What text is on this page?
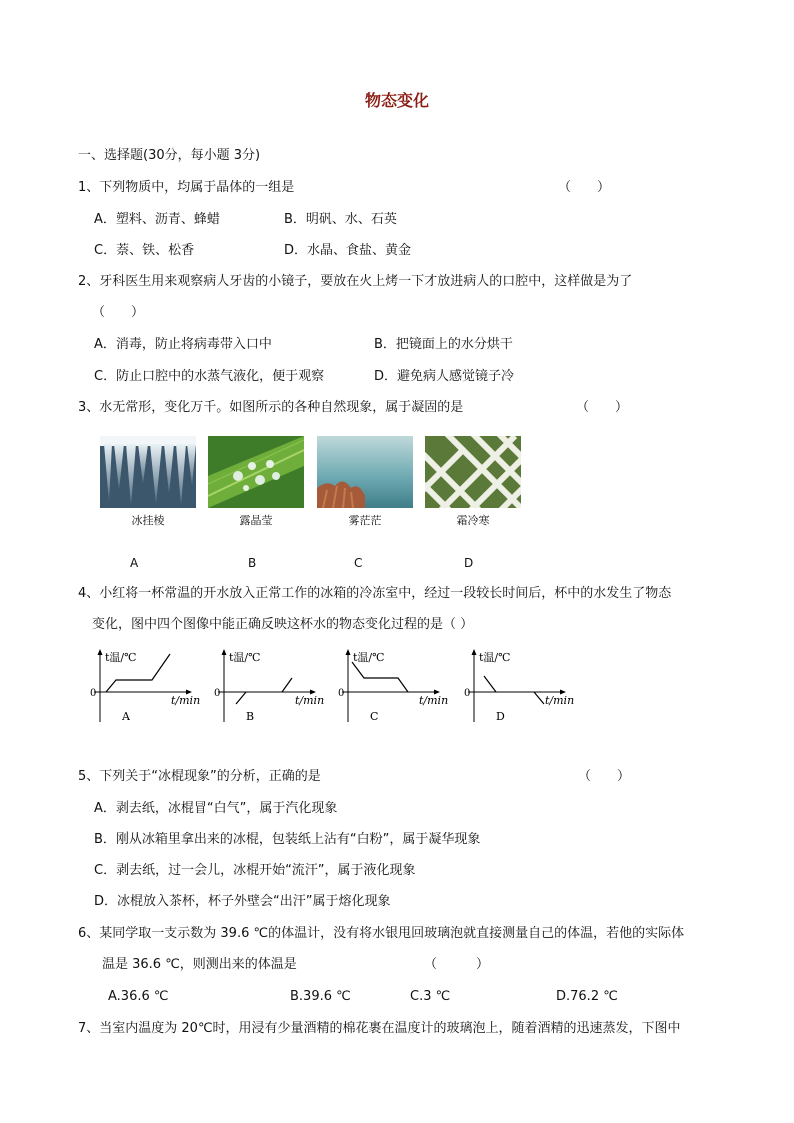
物态变化
一、选择题(30分，每小题 3分)
1、下列物质中，均属于晶体的一组是	（　　）
A．塑料、沥青、蜂蜡	B．明矾、水、石英
C．萘、铁、松香	D．水晶、食盐、黄金
2、牙科医生用来观察病人牙齿的小镜子，要放在火上烤一下才放进病人的口腔中，这样做是为了
（　　）
A．消毒，防止将病毒带入口中	B．把镜面上的水分烘干
C．防止口腔中的水蒸气液化，便于观察	D．避免病人感觉镜子冷
3、水无常形，变化万千。如图所示的各种自然现象，属于凝固的是	（　　）
冰挂棱	露晶莹	雾茫茫	霜冷寒
A	B	C	D
4、小红将一杯常温的开水放入正常工作的冰箱的冷冻室中，经过一段较长时间后，杯中的水发生了物态
变化，图中四个图像中能正确反映这杯水的物态变化过程的是（ ）
t温/℃
0
t/min
A
t温/℃
0
t/min
B
t温/℃
0
t/min
C
t温/℃
0
t/min
D
5、下列关于“冰棍现象”的分析，正确的是	（　　）
A．剥去纸，冰棍冒“白气”，属于汽化现象
B．刚从冰箱里拿出来的冰棍，包装纸上沾有“白粉”，属于凝华现象
C．剥去纸，过一会儿，冰棍开始“流汗”，属于液化现象
D．冰棍放入茶杯，杯子外壁会“出汗”属于熔化现象
6、某同学取一支示数为 39.6 ℃的体温计，没有将水银甩回玻璃泡就直接测量自己的体温，若他的实际体
温是 36.6 ℃，则测出来的体温是	（　　　）
A.36.6 ℃	B.39.6 ℃	C.3 ℃	D.76.2 ℃
7、当室内温度为 20℃时，用浸有少量酒精的棉花裹在温度计的玻璃泡上，随着酒精的迅速蒸发，下图中
